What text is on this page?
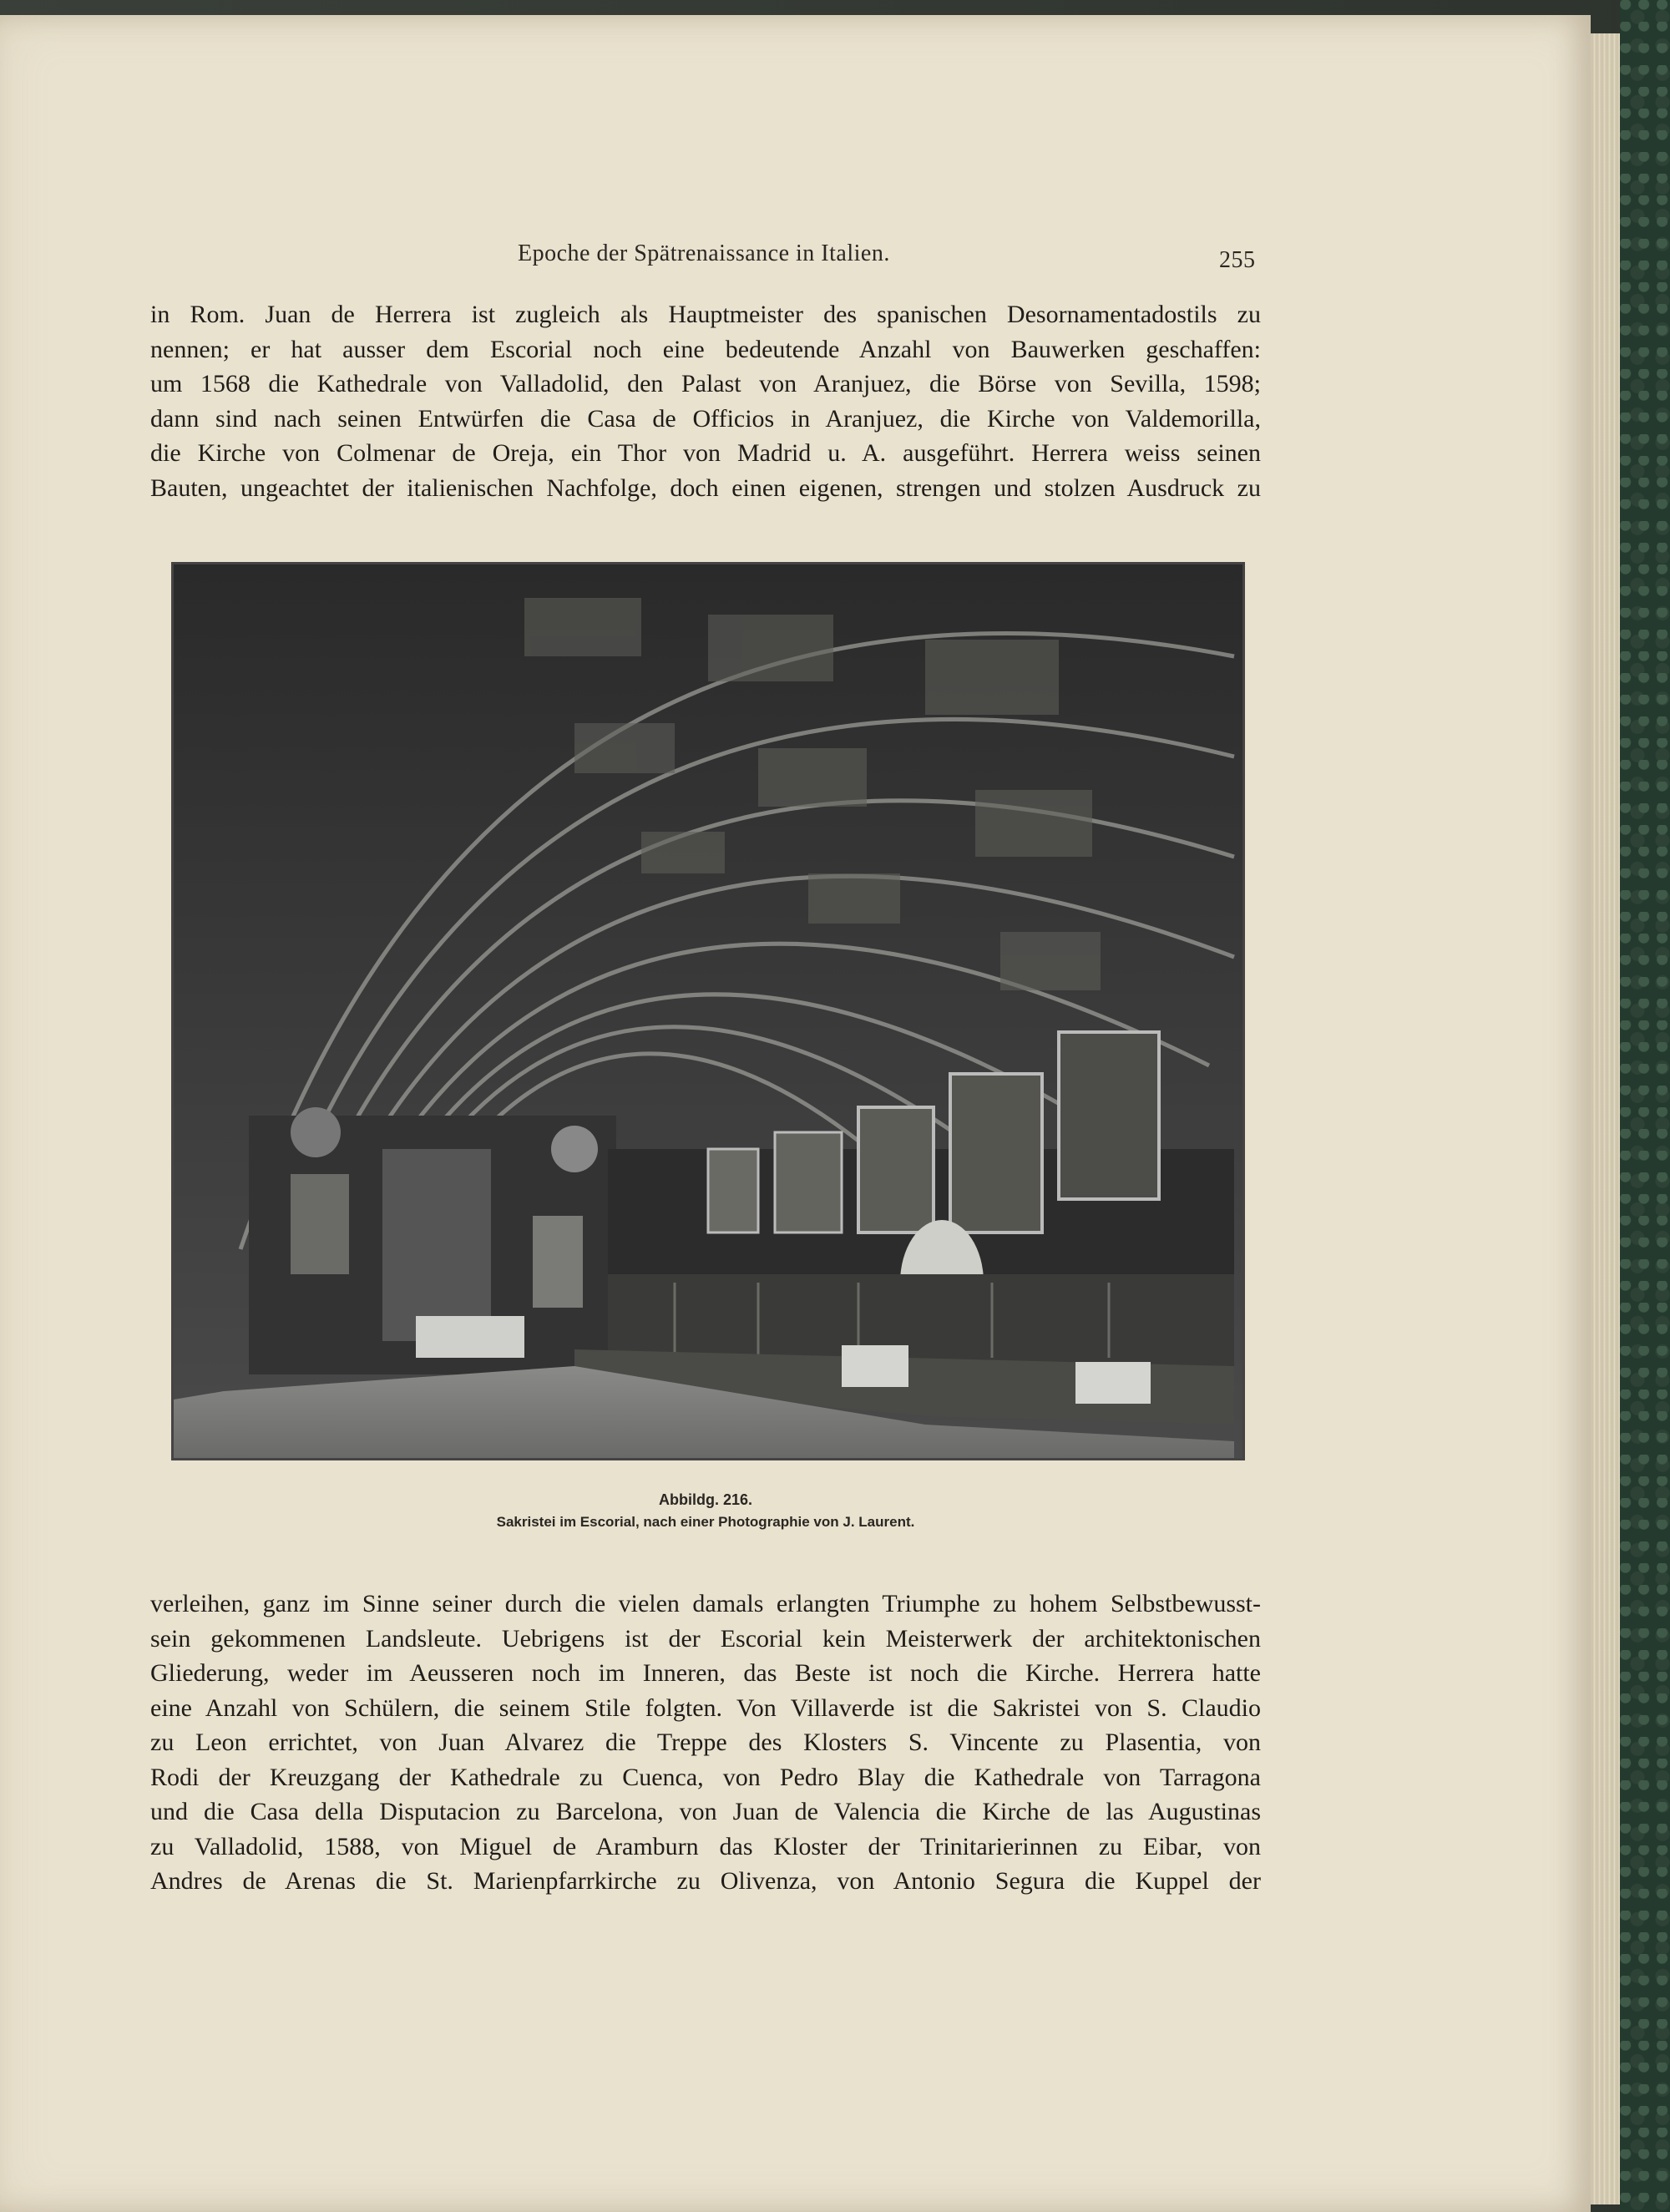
Epoche der Spätrenaissance in Italien.	255
in Rom. Juan de Herrera ist zugleich als Hauptmeister des spanischen Desornamentadostils zu
nennen; er hat ausser dem Escorial noch eine bedeutende Anzahl von Bauwerken geschaffen:
um 1568 die Kathedrale von Valladolid, den Palast von Aranjuez, die Börse von Sevilla, 1598;
dann sind nach seinen Entwürfen die Casa de Officios in Aranjuez, die Kirche von Valdemorilla,
die Kirche von Colmenar de Oreja, ein Thor von Madrid u. A. ausgeführt. Herrera weiss seinen
Bauten, ungeachtet der italienischen Nachfolge, doch einen eigenen, strengen und stolzen Ausdruck zu
Abbildg. 216.
Sakristei im Escorial, nach einer Photographie von J. Laurent.
verleihen, ganz im Sinne seiner durch die vielen damals erlangten Triumphe zu hohem Selbstbewusst-
sein gekommenen Landsleute. Uebrigens ist der Escorial kein Meisterwerk der architektonischen
Gliederung, weder im Aeusseren noch im Inneren, das Beste ist noch die Kirche. Herrera hatte
eine Anzahl von Schülern, die seinem Stile folgten. Von Villaverde ist die Sakristei von S. Claudio
zu Leon errichtet, von Juan Alvarez die Treppe des Klosters S. Vincente zu Plasentia, von
Rodi der Kreuzgang der Kathedrale zu Cuenca, von Pedro Blay die Kathedrale von Tarragona
und die Casa della Disputacion zu Barcelona, von Juan de Valencia die Kirche de las Augustinas
zu Valladolid, 1588, von Miguel de Aramburn das Kloster der Trinitarierinnen zu Eibar, von
Andres de Arenas die St. Marienpfarrkirche zu Olivenza, von Antonio Segura die Kuppel der
